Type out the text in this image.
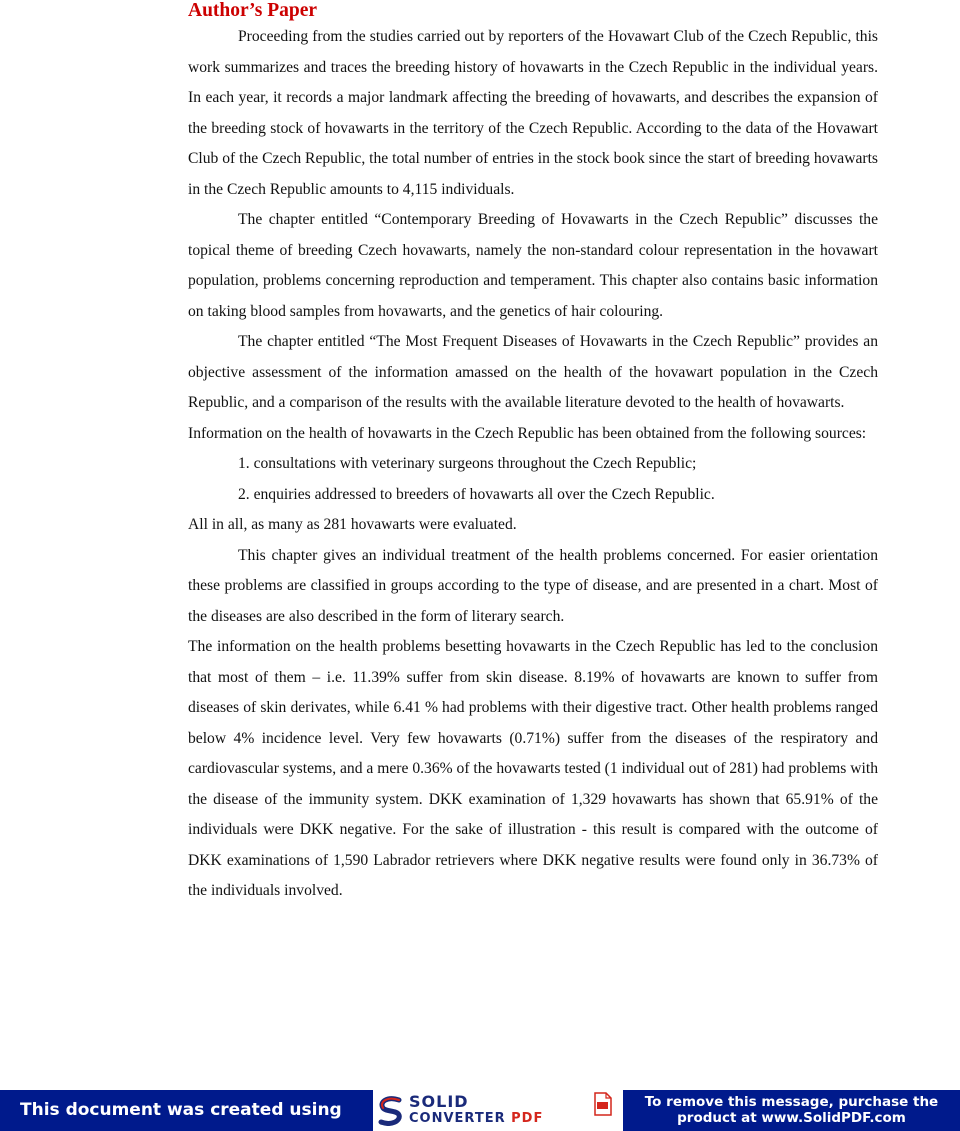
Author’s Paper

Proceeding from the studies carried out by reporters of the Hovawart Club of the Czech Republic, this work summarizes and traces the breeding history of hovawarts in the Czech Republic in the individual years. In each year, it records a major landmark affecting the breeding of hovawarts, and describes the expansion of the breeding stock of hovawarts in the territory of the Czech Republic. According to the data of the Hovawart Club of the Czech Republic, the total number of entries in the stock book since the start of breeding hovawarts in the Czech Republic amounts to 4,115 individuals.

The chapter entitled “Contemporary Breeding of Hovawarts in the Czech Republic” discusses the topical theme of breeding Czech hovawarts, namely the non-standard colour representation in the hovawart population, problems concerning reproduction and temperament. This chapter also contains basic information on taking blood samples from hovawarts, and the genetics of hair colouring.

The chapter entitled “The Most Frequent Diseases of Hovawarts in the Czech Republic” provides an objective assessment of the information amassed on the health of the hovawart population in the Czech Republic, and a comparison of the results with the available literature devoted to the health of hovawarts.

Information on the health of hovawarts in the Czech Republic has been obtained from the following sources:

1. consultations with veterinary surgeons throughout the Czech Republic;

2. enquiries addressed to breeders of hovawarts all over the Czech Republic.

All in all, as many as 281 hovawarts were evaluated.

This chapter gives an individual treatment of the health problems concerned. For easier orientation these problems are classified in groups according to the type of disease, and are presented in a chart. Most of the diseases are also described in the form of literary search.

The information on the health problems besetting hovawarts in the Czech Republic has led to the conclusion that most of them – i.e. 11.39% suffer from skin disease. 8.19% of hovawarts are known to suffer from diseases of skin derivates, while 6.41 % had problems with their digestive tract. Other health problems ranged below 4% incidence level. Very few hovawarts (0.71%) suffer from the diseases of the respiratory and cardiovascular systems, and a mere 0.36% of the hovawarts tested (1 individual out of 281) had problems with the disease of the immunity system. DKK examination of 1,329 hovawarts has shown that 65.91% of the individuals were DKK negative. For the sake of illustration - this result is compared with the outcome of DKK examinations of 1,590 Labrador retrievers where DKK negative results were found only in 36.73% of the individuals involved.

This document was created using	SOLID
CONVERTER PDF
To remove this message, purchase the
product at www.SolidPDF.com
